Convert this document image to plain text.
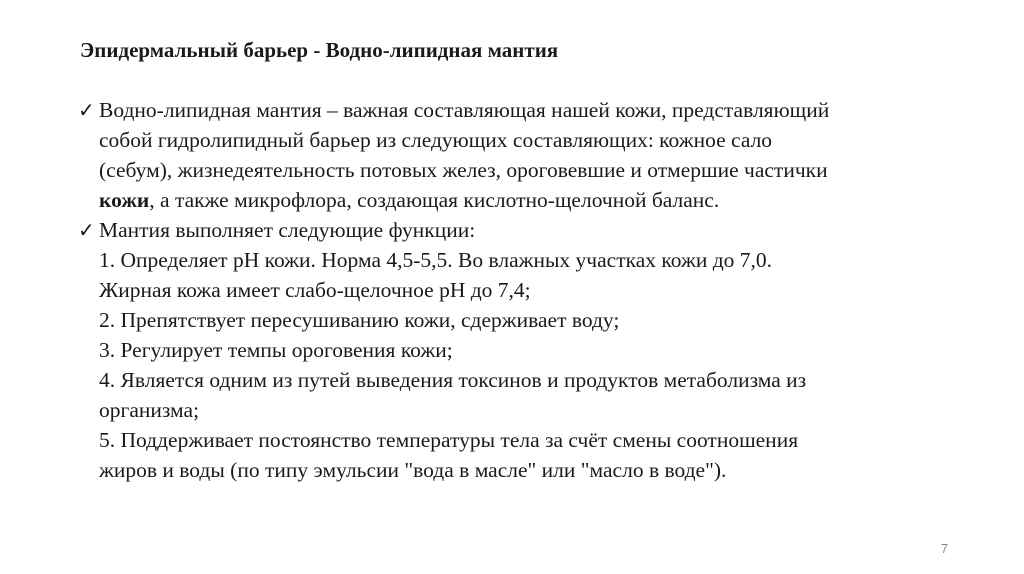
Эпидермальный барьер - Водно-липидная мантия
✓ Водно-липидная мантия – важная составляющая нашей кожи, представляющий
собой гидролипидный барьер из следующих составляющих: кожное сало
(себум), жизнедеятельность потовых желез, ороговевшие и отмершие частички
кожи, а также микрофлора, создающая кислотно-щелочной баланс.
✓ Мантия выполняет следующие функции:
1. Определяет рН кожи. Норма 4,5-5,5. Во влажных участках кожи до 7,0.
Жирная кожа имеет слабо-щелочное рН до 7,4;
2. Препятствует пересушиванию кожи, сдерживает воду;
3. Регулирует темпы ороговения кожи;
4. Является одним из путей выведения токсинов и продуктов метаболизма из
организма;
5. Поддерживает постоянство температуры тела за счёт смены соотношения
жиров и воды (по типу эмульсии "вода в масле" или "масло в воде").
7
